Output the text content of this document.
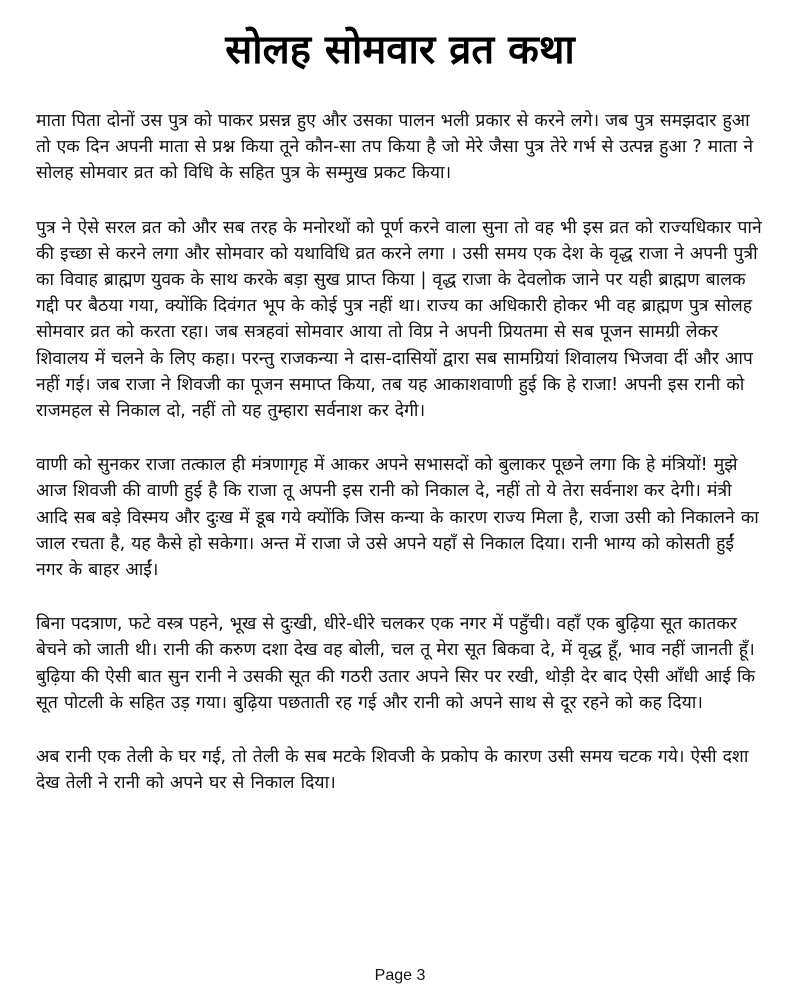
सोलह सोमवार व्रत कथा

माता पिता दोनों उस पुत्र को पाकर प्रसन्न हुए और उसका पालन भली प्रकार से करने लगे। जब पुत्र समझदार हुआ तो एक दिन अपनी माता से प्रश्न किया तूने कौन-सा तप किया है जो मेरे जैसा पुत्र तेरे गर्भ से उत्पन्न हुआ ? माता ने सोलह सोमवार व्रत को विधि के सहित पुत्र के सम्मुख प्रकट किया।

पुत्र ने ऐसे सरल व्रत को और सब तरह के मनोरथों को पूर्ण करने वाला सुना तो वह भी इस व्रत को राज्यधिकार पाने की इच्छा से करने लगा और सोमवार को यथाविधि व्रत करने लगा । उसी समय एक देश के वृद्ध राजा ने अपनी पुत्री का विवाह ब्राह्मण युवक के साथ करके बड़ा सुख प्राप्त किया | वृद्ध राजा के देवलोक जाने पर यही ब्राह्मण बालक गद्दी पर बैठया गया, क्योंकि दिवंगत भूप के कोई पुत्र नहीं था। राज्य का अधिकारी होकर भी वह ब्राह्मण पुत्र सोलह सोमवार व्रत को करता रहा। जब सत्रहवां सोमवार आया तो विप्र ने अपनी प्रियतमा से सब पूजन सामग्री लेकर शिवालय में चलने के लिए कहा। परन्तु राजकन्या ने दास-दासियों द्वारा सब सामग्रियां शिवालय भिजवा दीं और आप नहीं गई। जब राजा ने शिवजी का पूजन समाप्त किया, तब यह आकाशवाणी हुई कि हे राजा! अपनी इस रानी को राजमहल से निकाल दो, नहीं तो यह तुम्हारा सर्वनाश कर देगी।

वाणी को सुनकर राजा तत्काल ही मंत्रणागृह में आकर अपने सभासदों को बुलाकर पूछने लगा कि हे मंत्रियों! मुझे आज शिवजी की वाणी हुई है कि राजा तू अपनी इस रानी को निकाल दे, नहीं तो ये तेरा सर्वनाश कर देगी। मंत्री आदि सब बड़े विस्मय और दुःख में डूब गये क्योंकि जिस कन्या के कारण राज्य मिला है, राजा उसी को निकालने का जाल रचता है, यह कैसे हो सकेगा। अन्त में राजा जे उसे अपने यहाँ से निकाल दिया। रानी भाग्य को कोसती हुईं नगर के बाहर आईं।

बिना पदत्राण, फटे वस्त्र पहने, भूख से दुःखी, धीरे-धीरे चलकर एक नगर में पहुँची। वहाँ एक बुढ़िया सूत कातकर बेचने को जाती थी। रानी की करुण दशा देख वह बोली, चल तू मेरा सूत बिकवा दे, में वृद्ध हूँ, भाव नहीं जानती हूँ। बुढ़िया की ऐसी बात सुन रानी ने उसकी सूत की गठरी उतार अपने सिर पर रखी, थोड़ी देर बाद ऐसी आँधी आई कि सूत पोटली के सहित उड़ गया। बुढ़िया पछताती रह गई और रानी को अपने साथ से दूर रहने को कह दिया।

अब रानी एक तेली के घर गई, तो तेली के सब मटके शिवजी के प्रकोप के कारण उसी समय चटक गये। ऐसी दशा देख तेली ने रानी को अपने घर से निकाल दिया।

Page 3
